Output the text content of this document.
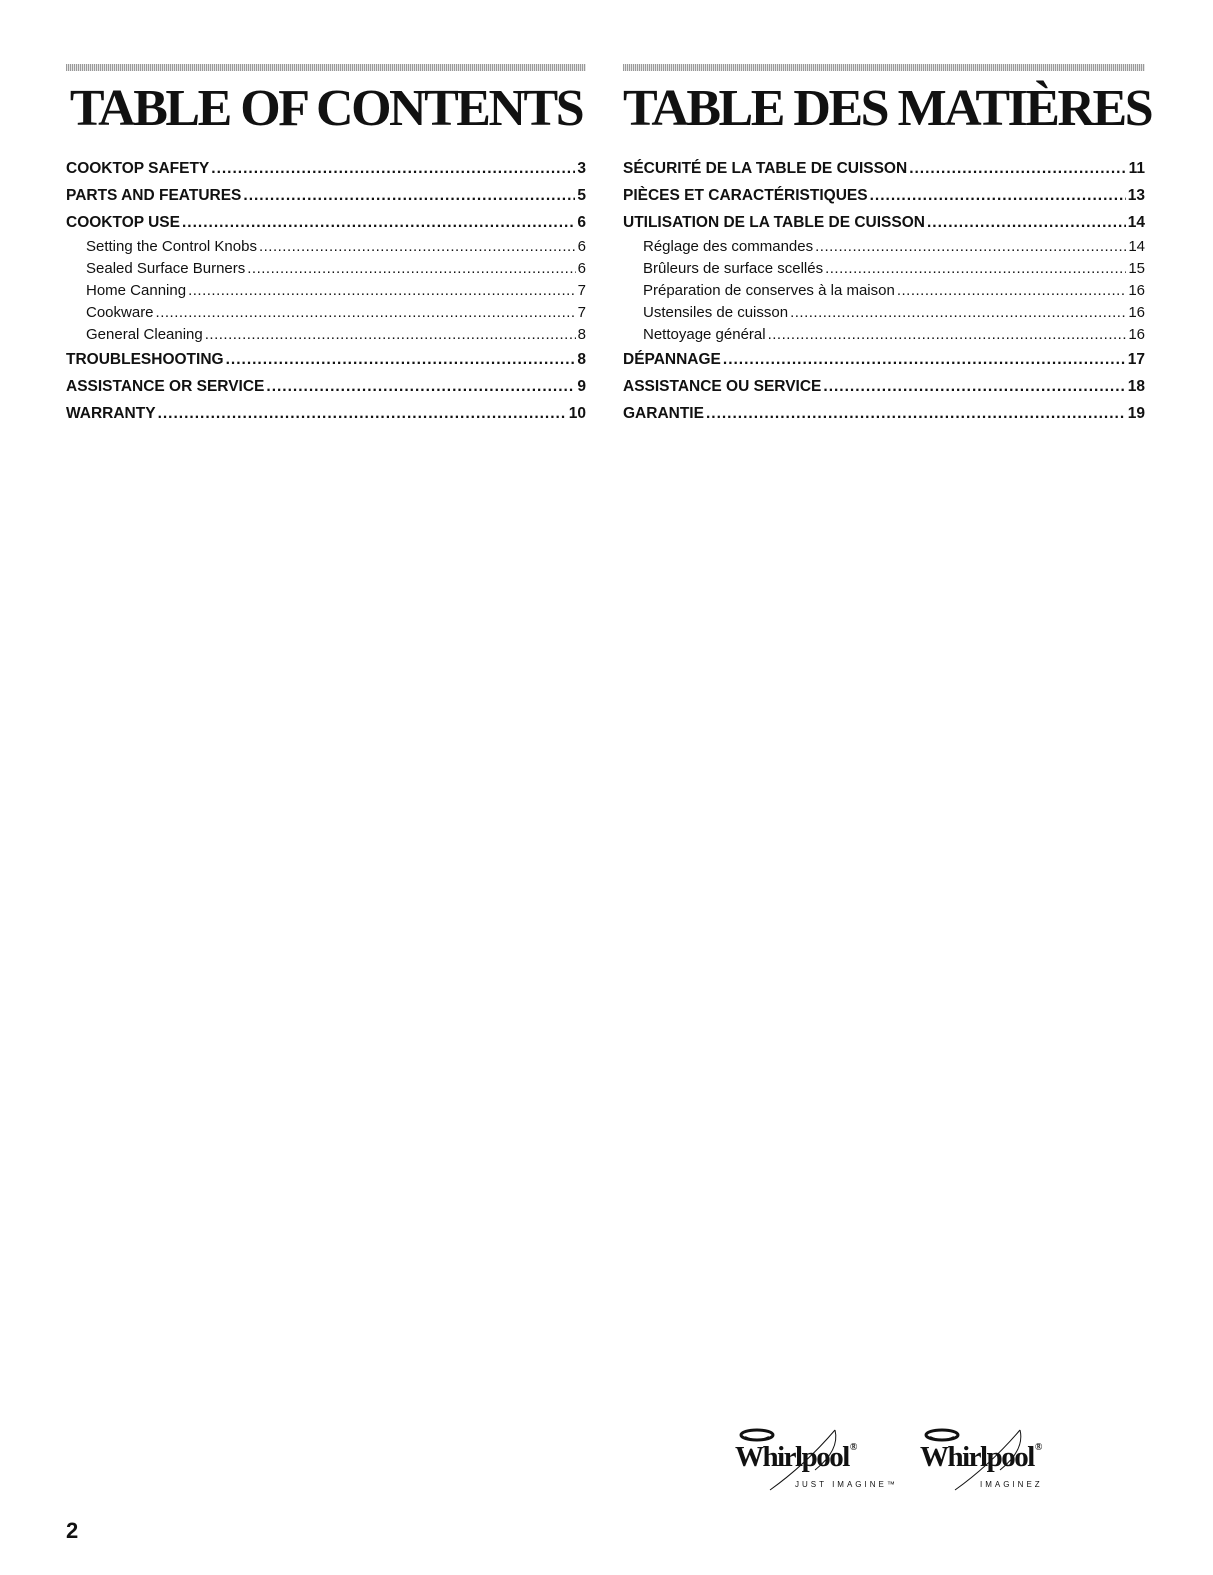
TABLE OF CONTENTS
COOKTOP SAFETY .....	3
PARTS AND FEATURES .....	5
COOKTOP USE .....	6
Setting the Control Knobs .....	6
Sealed Surface Burners .....	6
Home Canning .....	7
Cookware .....	7
General Cleaning .....	8
TROUBLESHOOTING .....	8
ASSISTANCE OR SERVICE .....	9
WARRANTY .....	10
TABLE DES MATIÈRES
SÉCURITÉ DE LA TABLE DE CUISSON .....	11
PIÈCES ET CARACTÉRISTIQUES .....	13
UTILISATION DE LA TABLE DE CUISSON .....	14
Réglage des commandes .....	14
Brûleurs de surface scellés .....	15
Préparation de conserves à la maison .....	16
Ustensiles de cuisson .....	16
Nettoyage général .....	16
DÉPANNAGE .....	17
ASSISTANCE OU SERVICE .....	18
GARANTIE .....	19
Whirlpool®
JUST IMAGINE™
Whirlpool®
IMAGINEZ
2
